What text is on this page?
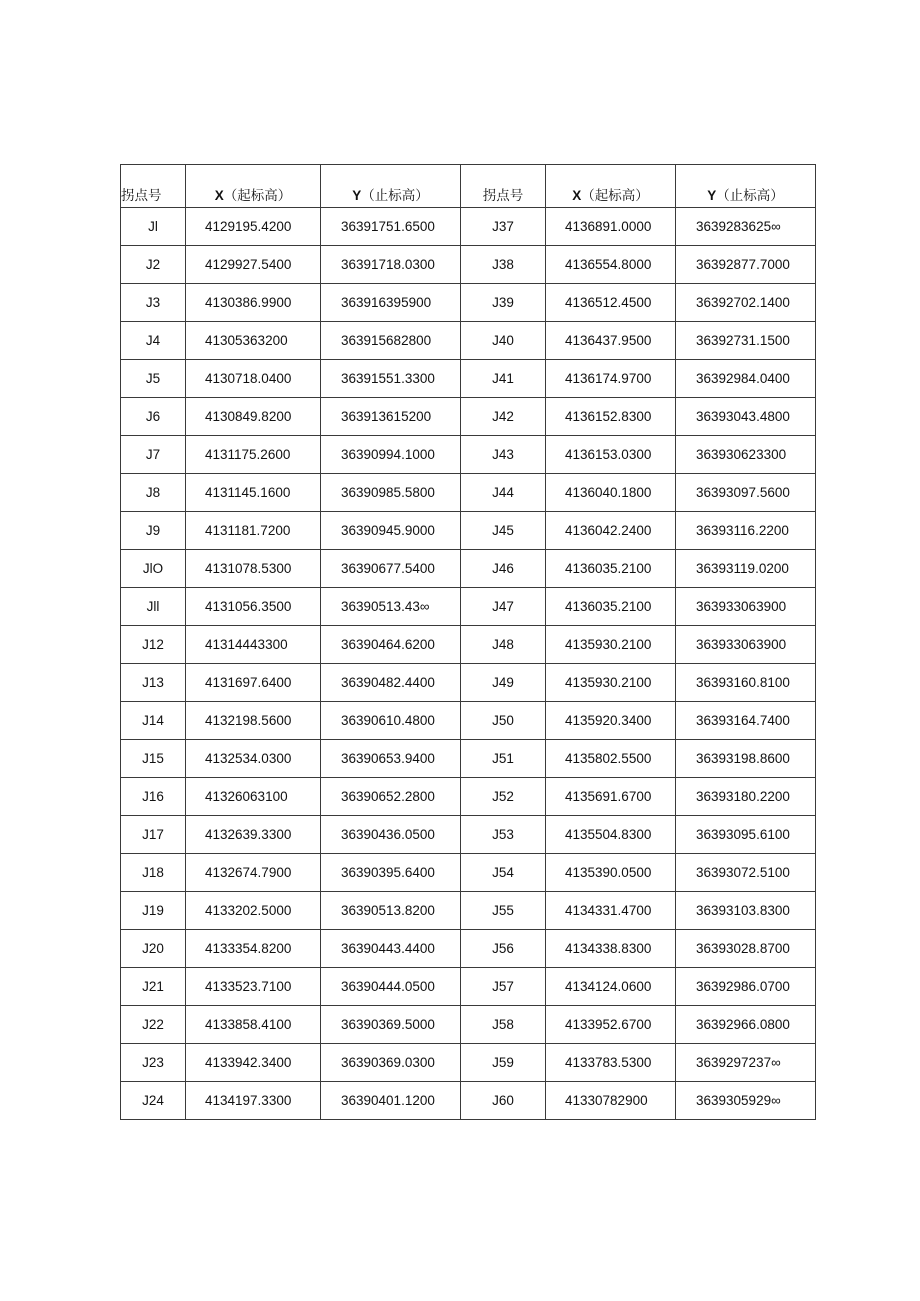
拐点号	X（起标高）	Y（止标高）	拐点号	X（起标高）	Y（止标高）
Jl	4129195.4200	36391751.6500	J37	4136891.0000	3639283625∞
J2	4129927.5400	36391718.0300	J38	4136554.8000	36392877.7000
J3	4130386.9900	363916395900	J39	4136512.4500	36392702.1400
J4	41305363200	363915682800	J40	4136437.9500	36392731.1500
J5	4130718.0400	36391551.3300	J41	4136174.9700	36392984.0400
J6	4130849.8200	363913615200	J42	4136152.8300	36393043.4800
J7	4131175.2600	36390994.1000	J43	4136153.0300	363930623300
J8	4131145.1600	36390985.5800	J44	4136040.1800	36393097.5600
J9	4131181.7200	36390945.9000	J45	4136042.2400	36393116.2200
JlO	4131078.5300	36390677.5400	J46	4136035.2100	36393119.0200
Jll	4131056.3500	36390513.43∞	J47	4136035.2100	363933063900
J12	41314443300	36390464.6200	J48	4135930.2100	363933063900
J13	4131697.6400	36390482.4400	J49	4135930.2100	36393160.8100
J14	4132198.5600	36390610.4800	J50	4135920.3400	36393164.7400
J15	4132534.0300	36390653.9400	J51	4135802.5500	36393198.8600
J16	41326063100	36390652.2800	J52	4135691.6700	36393180.2200
J17	4132639.3300	36390436.0500	J53	4135504.8300	36393095.6100
J18	4132674.7900	36390395.6400	J54	4135390.0500	36393072.5100
J19	4133202.5000	36390513.8200	J55	4134331.4700	36393103.8300
J20	4133354.8200	36390443.4400	J56	4134338.8300	36393028.8700
J21	4133523.7100	36390444.0500	J57	4134124.0600	36392986.0700
J22	4133858.4100	36390369.5000	J58	4133952.6700	36392966.0800
J23	4133942.3400	36390369.0300	J59	4133783.5300	3639297237∞
J24	4134197.3300	36390401.1200	J60	41330782900	3639305929∞
